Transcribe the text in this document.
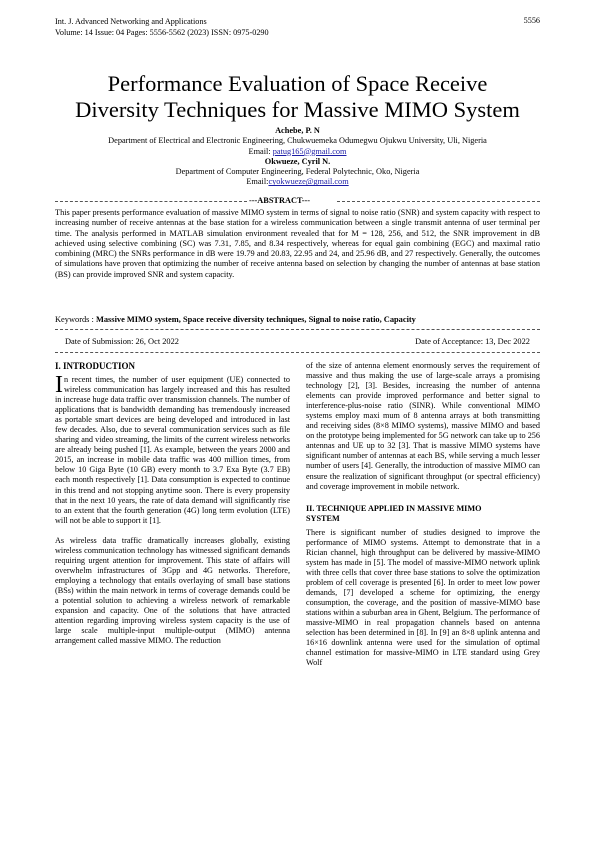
Int. J. Advanced Networking and Applications
Volume: 14 Issue: 04 Pages: 5556-5562 (2023) ISSN: 0975-0290
5556
Performance Evaluation of Space Receive
Diversity Techniques for Massive MIMO System
Achebe, P. N
Department of Electrical and Electronic Engineering, Chukwuemeka Odumegwu Ojukwu University, Uli, Nigeria
Email: patug165@gmail.com
Okwueze, Cyril N.
Department of Computer Engineering, Federal Polytechnic, Oko, Nigeria
Email:cyokwueze@gmail.com
---ABSTRACT---
This paper presents performance evaluation of massive MIMO system in terms of signal to noise ratio (SNR) and system capacity with respect to increasing number of receive antennas at the base station for a wireless communication between a single transmit antenna of user terminal per time. The analysis performed in MATLAB simulation environment revealed that for M = 128, 256, and 512, the SNR improvement in dB achieved using selective combining (SC) was 7.31, 7.85, and 8.34 respectively, whereas for equal gain combining (EGC) and maximal ratio combining (MRC) the SNRs performance in dB were 19.79 and 20.83, 22.95 and 24, and 25.96 dB, and 27 respectively. Generally, the outcomes of simulations have proven that optimizing the number of receive antenna based on selection by changing the number of antennas at base station (BS) can provide improved SNR and system capacity.
Keywords : Massive MIMO system, Space receive diversity techniques, Signal to noise ratio, Capacity
Date of Submission: 26, Oct 2022	Date of Acceptance: 13, Dec 2022
I. INTRODUCTION

In recent times, the number of user equipment (UE) connected to wireless communication has largely increased and this has resulted in increase huge data traffic over transmission channels. The number of applications that is bandwidth demanding has tremendously increased as portable smart devices are being developed and introduced in last few decades. Also, due to several communication services such as file sharing and video streaming, the limits of the current wireless networks are already being pushed [1]. As example, between the years 2000 and 2015, an increase in mobile data traffic was 400 million times, from below 10 Giga Byte (10 GB) every month to 3.7 Exa Byte (3.7 EB) each month respectively [1]. Data consumption is expected to continue in this trend and not stopping anytime soon. There is every propensity that in the next 10 years, the rate of data demand will significantly rise to an extent that the fourth generation (4G) long term evolution (LTE) will not be able to support it [1].

As wireless data traffic dramatically increases globally, existing wireless communication technology has witnessed significant demands requiring urgent attention for improvement. This state of affairs will overwhelm infrastructures of 3Gpp and 4G networks. Therefore, employing a technology that entails overlaying of small base stations (BSs) within the main network in terms of coverage demands could be a potential solution to achieving a wireless network of remarkable expansion and capacity. One of the solutions that have attracted attention regarding improving wireless system capacity is the use of large scale multiple-input multiple-output (MIMO) antenna arrangement called massive MIMO. The reduction

of the size of antenna element enormously serves the requirement of massive and thus making the use of large-scale arrays a promising technology [2], [3]. Besides, increasing the number of antenna elements can provide improved performance and better signal to interference-plus-noise ratio (SINR). While conventional MIMO systems employ maxi mum of 8 antenna arrays at both transmitting and receiving sides (8×8 MIMO systems), massive MIMO and based on the prototype being implemented for 5G network can take up to 256 antennas and UE up to 32 [3]. That is massive MIMO systems have significant number of antennas at each BS, while serving a much lesser number of users [4]. Generally, the introduction of massive MIMO can ensure the realization of significant throughput (or spectral efficiency) and coverage improvement in mobile network.

II. TECHNIQUE APPLIED IN MASSIVE MIMO
SYSTEM

There is significant number of studies designed to improve the performance of MIMO systems. Attempt to demonstrate that in a Rician channel, high throughput can be delivered by massive-MIMO system has made in [5]. The model of massive-MIMO network uplink with three cells that cover three base stations to solve the optimization problem of cell coverage is presented [6]. In order to meet low power demands, [7] developed a scheme for optimizing, the energy consumption, the coverage, and the position of massive-MIMO base stations within a suburban area in Ghent, Belgium. The performance of massive-MIMO in real propagation channels based on antenna selection has been determined in [8]. In [9] an 8×8 uplink antenna and 16×16 downlink antenna were used for the simulation of optimal channel estimation for massive-MIMO in LTE standard using Grey Wolf
